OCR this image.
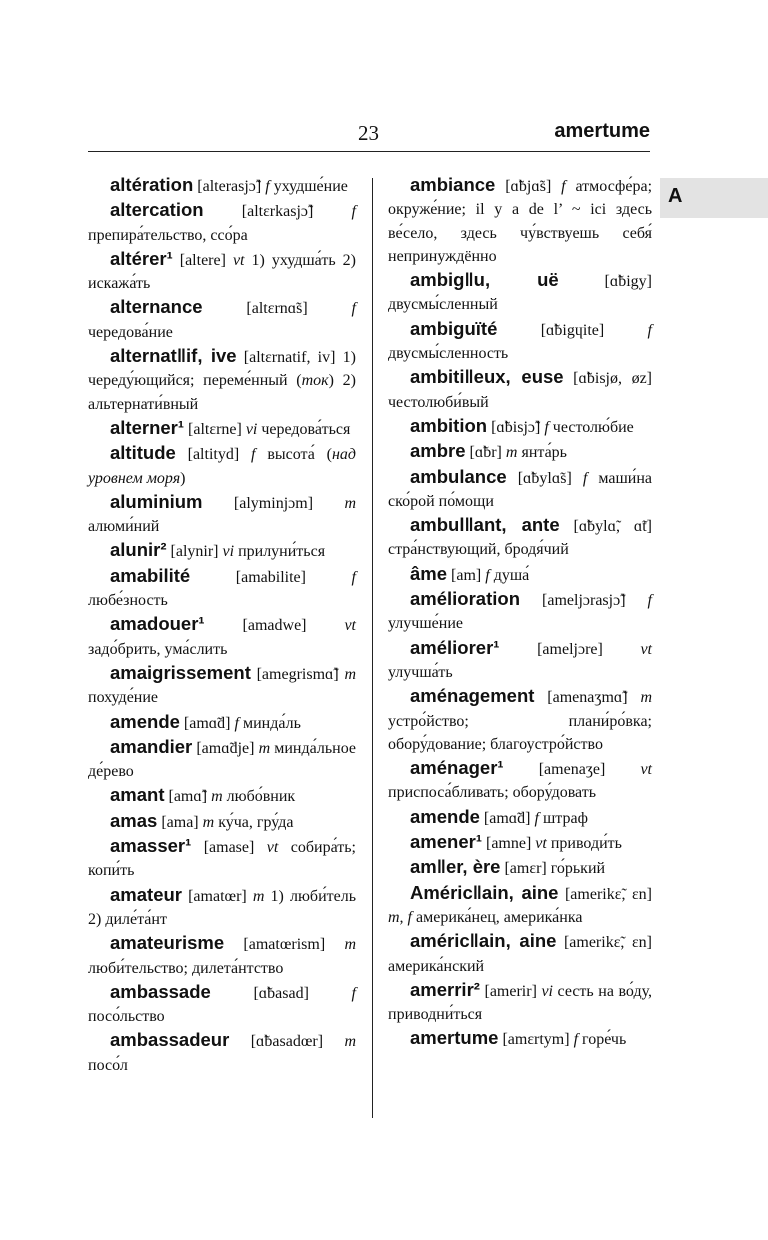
23	amertume
A

altération [alterasjɔ̃] f ухудше́ние

altercation [altɛrkasjɔ̃] f препира́тельство, ссо́ра

altérer¹ [altere] vt 1) ухудша́ть 2) искажа́ть

alternance [altɛrnɑ̃s] f чередова́ние

alternat‖if, ive [altɛrnatif, iv] 1) череду́ющийся; переме́нный (ток) 2) альтернати́вный

alterner¹ [altɛrne] vi чередова́ться

altitude [altityd] f высота́ (над уровнем моря)

aluminium [alyminjɔm] m алюми́ний

alunir² [alynir] vi прилуни́ться

amabilité [amabilite] f любе́зность

amadouer¹ [amadwe] vt задо́брить, ума́слить

amaigrissement [amegrismɑ̃] m похуде́ние

amende [amɑ̃d] f минда́ль

amandier [amɑ̃dje] m минда́льное де́рево

amant [amɑ̃] m любо́вник

amas [ama] m ку́ча, гру́да

amasser¹ [amase] vt собира́ть; копи́ть

amateur [amatœr] m 1) люби́тель 2) диле́та́нт

amateurisme [amatœrism] m люби́тельство; дилета́нтство

ambassade [ɑ̃basad] f посо́льство

ambassadeur [ɑ̃basadœr] m посо́л

ambiance [ɑ̃bjɑ̃s] f атмосфе́ра; окруже́ние; il y a de l’ ~ ici здесь ве́село, здесь чу́вствуешь себя́ непринуждённо

ambig‖u, uë [ɑ̃bigy] двусмы́сленный

ambiguïté [ɑ̃bigɥite] f двусмы́сленность

ambiti‖eux, euse [ɑ̃bisjø, øz] честолюби́вый

ambition [ɑ̃bisjɔ̃] f честолю́бие

ambre [ɑ̃br] m янта́рь

ambulance [ɑ̃bylɑ̃s] f маши́на ско́рой по́мощи

ambul‖ant, ante [ɑ̃bylɑ̃, ɑ̃t] стра́нствующий, бродя́чий

âme [am] f душа́

amélioration [ameljɔrasjɔ̃] f улучше́ние

améliorer¹ [ameljɔre] vt улучша́ть

aménagement [amenaʒmɑ̃] m устро́йство; плани́ро́вка; обору́дование; благоустро́йство

aménager¹ [amenaʒe] vt приспоса́бливать; обору́довать

amende [amɑ̃d] f штраф

amener¹ [amne] vt приводи́ть

am‖er, ère [amɛr] го́рький

Améric‖ain, aine [amerikɛ̃, ɛn] m, f америка́нец, америка́нка

améric‖ain, aine [amerikɛ̃, ɛn] америка́нский

amerrir² [amerir] vi сесть на во́ду, приводни́ться

amertume [amɛrtym] f горе́чь
